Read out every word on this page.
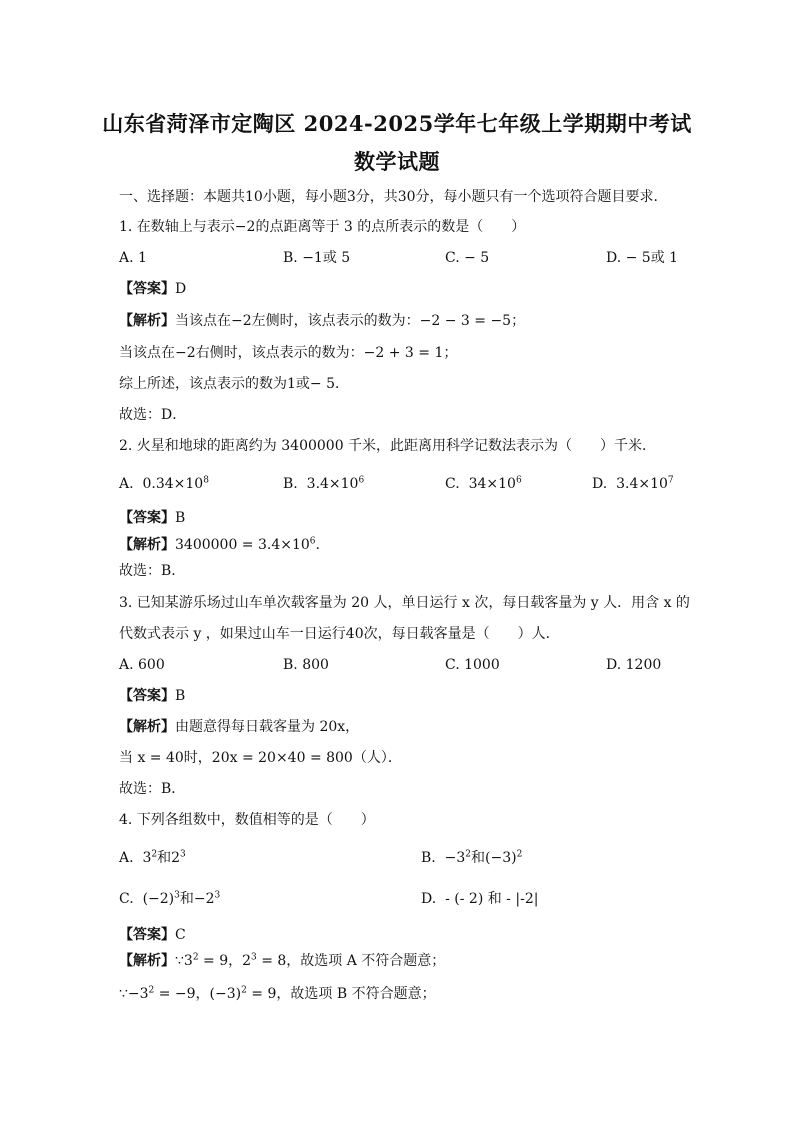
山东省菏泽市定陶区 2024-2025学年七年级上学期期中考试
数学试题
一、选择题：本题共10小题，每小题3分，共30分，每小题只有一个选项符合题目要求．
1. 在数轴上与表示−2的点距离等于 3 的点所表示的数是（　　）
A. 1	B. −1或 5	C. − 5	D. − 5或 1
【答案】D
【解析】当该点在−2左侧时，该点表示的数为：−2 − 3 = −5；
当该点在−2右侧时，该点表示的数为：−2 + 3 = 1；
综上所述，该点表示的数为1或− 5．
故选：D．
2. 火星和地球的距离约为 3400000 千米，此距离用科学记数法表示为（　　）千米．
A. $0.34\times 10^8$	B. $3.4\times 10^6$	C. $34\times 10^6$	D. $3.4\times 10^7$
【答案】B
【解析】$3400000 = 3.4\times 10^6$.
故选：B．
3. 已知某游乐场过山车单次载客量为 20 人，单日运行 x 次，每日载客量为 y 人．用含 x 的
代数式表示 y ，如果过山车一日运行40次，每日载客量是（　　）人．
A. 600	B. 800	C. 1000	D. 1200
【答案】B
【解析】由题意得每日载客量为 20x，
当 x = 40时，20x = 20×40 = 800（人）．
故选：B．
4. 下列各组数中，数值相等的是（　　）
A. $3^2$和$2^3$	B. $-3^2$和$(-3)^2$
C. $(-2)^3$和$-2^3$	D. - (- 2) 和 - |-2|
【答案】C
【解析】$\because 3^2 = 9$，$2^3 = 8$，故选项 A 不符合题意；
$\because-3^2 = -9$，$(-3)^2 = 9$，故选项 B 不符合题意；
